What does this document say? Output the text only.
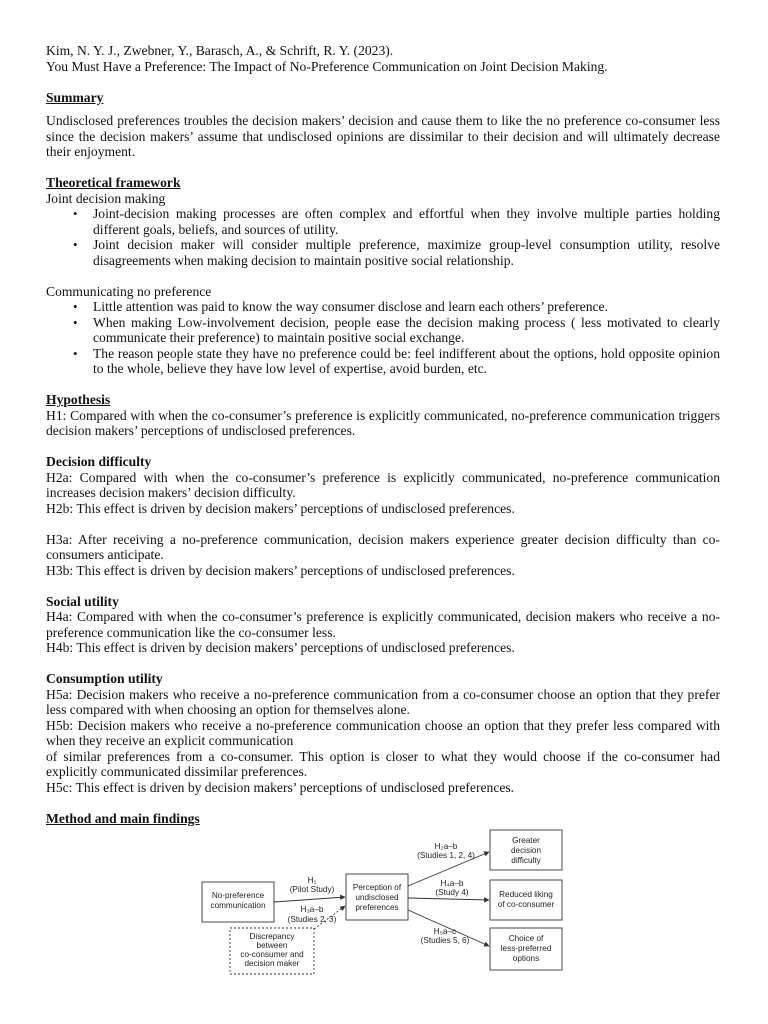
Kim, N. Y. J., Zwebner, Y., Barasch, A., & Schrift, R. Y. (2023).

You Must Have a Preference: The Impact of No-Preference Communication on Joint Decision Making.

Summary

Undisclosed preferences troubles the decision makers’ decision and cause them to like the no preference co-consumer less since the decision makers’ assume that undisclosed opinions are dissimilar to their decision and will ultimately decrease their enjoyment.

Theoretical framework

Joint decision making

• Joint-decision making processes are often complex and effortful when they involve multiple parties holding different goals, beliefs, and sources of utility.
• Joint decision maker will consider multiple preference, maximize group-level consumption utility, resolve disagreements when making decision to maintain positive social relationship.

Communicating no preference

• Little attention was paid to know the way consumer disclose and learn each others’ preference.
• When making Low-involvement decision, people ease the decision making process ( less motivated to clearly communicate their preference) to maintain positive social exchange.
• The reason people state they have no preference could be: feel indifferent about the options, hold opposite opinion to the whole, believe they have low level of expertise, avoid burden, etc.

Hypothesis

H1: Compared with when the co-consumer’s preference is explicitly communicated, no-preference communication triggers decision makers’ perceptions of undisclosed preferences.

Decision difficulty

H2a: Compared with when the co-consumer’s preference is explicitly communicated, no-preference communication increases decision makers’ decision difficulty.

H2b: This effect is driven by decision makers’ perceptions of undisclosed preferences.

H3a: After receiving a no-preference communication, decision makers experience greater decision difficulty than co-consumers anticipate.

H3b: This effect is driven by decision makers’ perceptions of undisclosed preferences.

Social utility

H4a: Compared with when the co-consumer’s preference is explicitly communicated, decision makers who receive a no-preference communication like the co-consumer less.

H4b: This effect is driven by decision makers’ perceptions of undisclosed preferences.

Consumption utility

H5a: Decision makers who receive a no-preference communication from a co-consumer choose an option that they prefer less compared with when choosing an option for themselves alone.

H5b: Decision makers who receive a no-preference communication choose an option that they prefer less compared with when they receive an explicit communication

of similar preferences from a co-consumer. This option is closer to what they would choose if the co-consumer had explicitly communicated dissimilar preferences.

H5c: This effect is driven by decision makers’ perceptions of undisclosed preferences.

Method and main findings

No-preference
communication
Perception of
undisclosed
preferences
Discrepancy
between
co-consumer and
decision maker
Greater
decision
difficulty
Reduced liking
of co-consumer
Choice of
less-preferred
options
H₁
(Pilot Study)
H₃a–b
(Studies 2, 3)
H₂a–b
(Studies 1, 2, 4)
H₄a–b
(Study 4)
H₅a–c
(Studies 5, 6)
